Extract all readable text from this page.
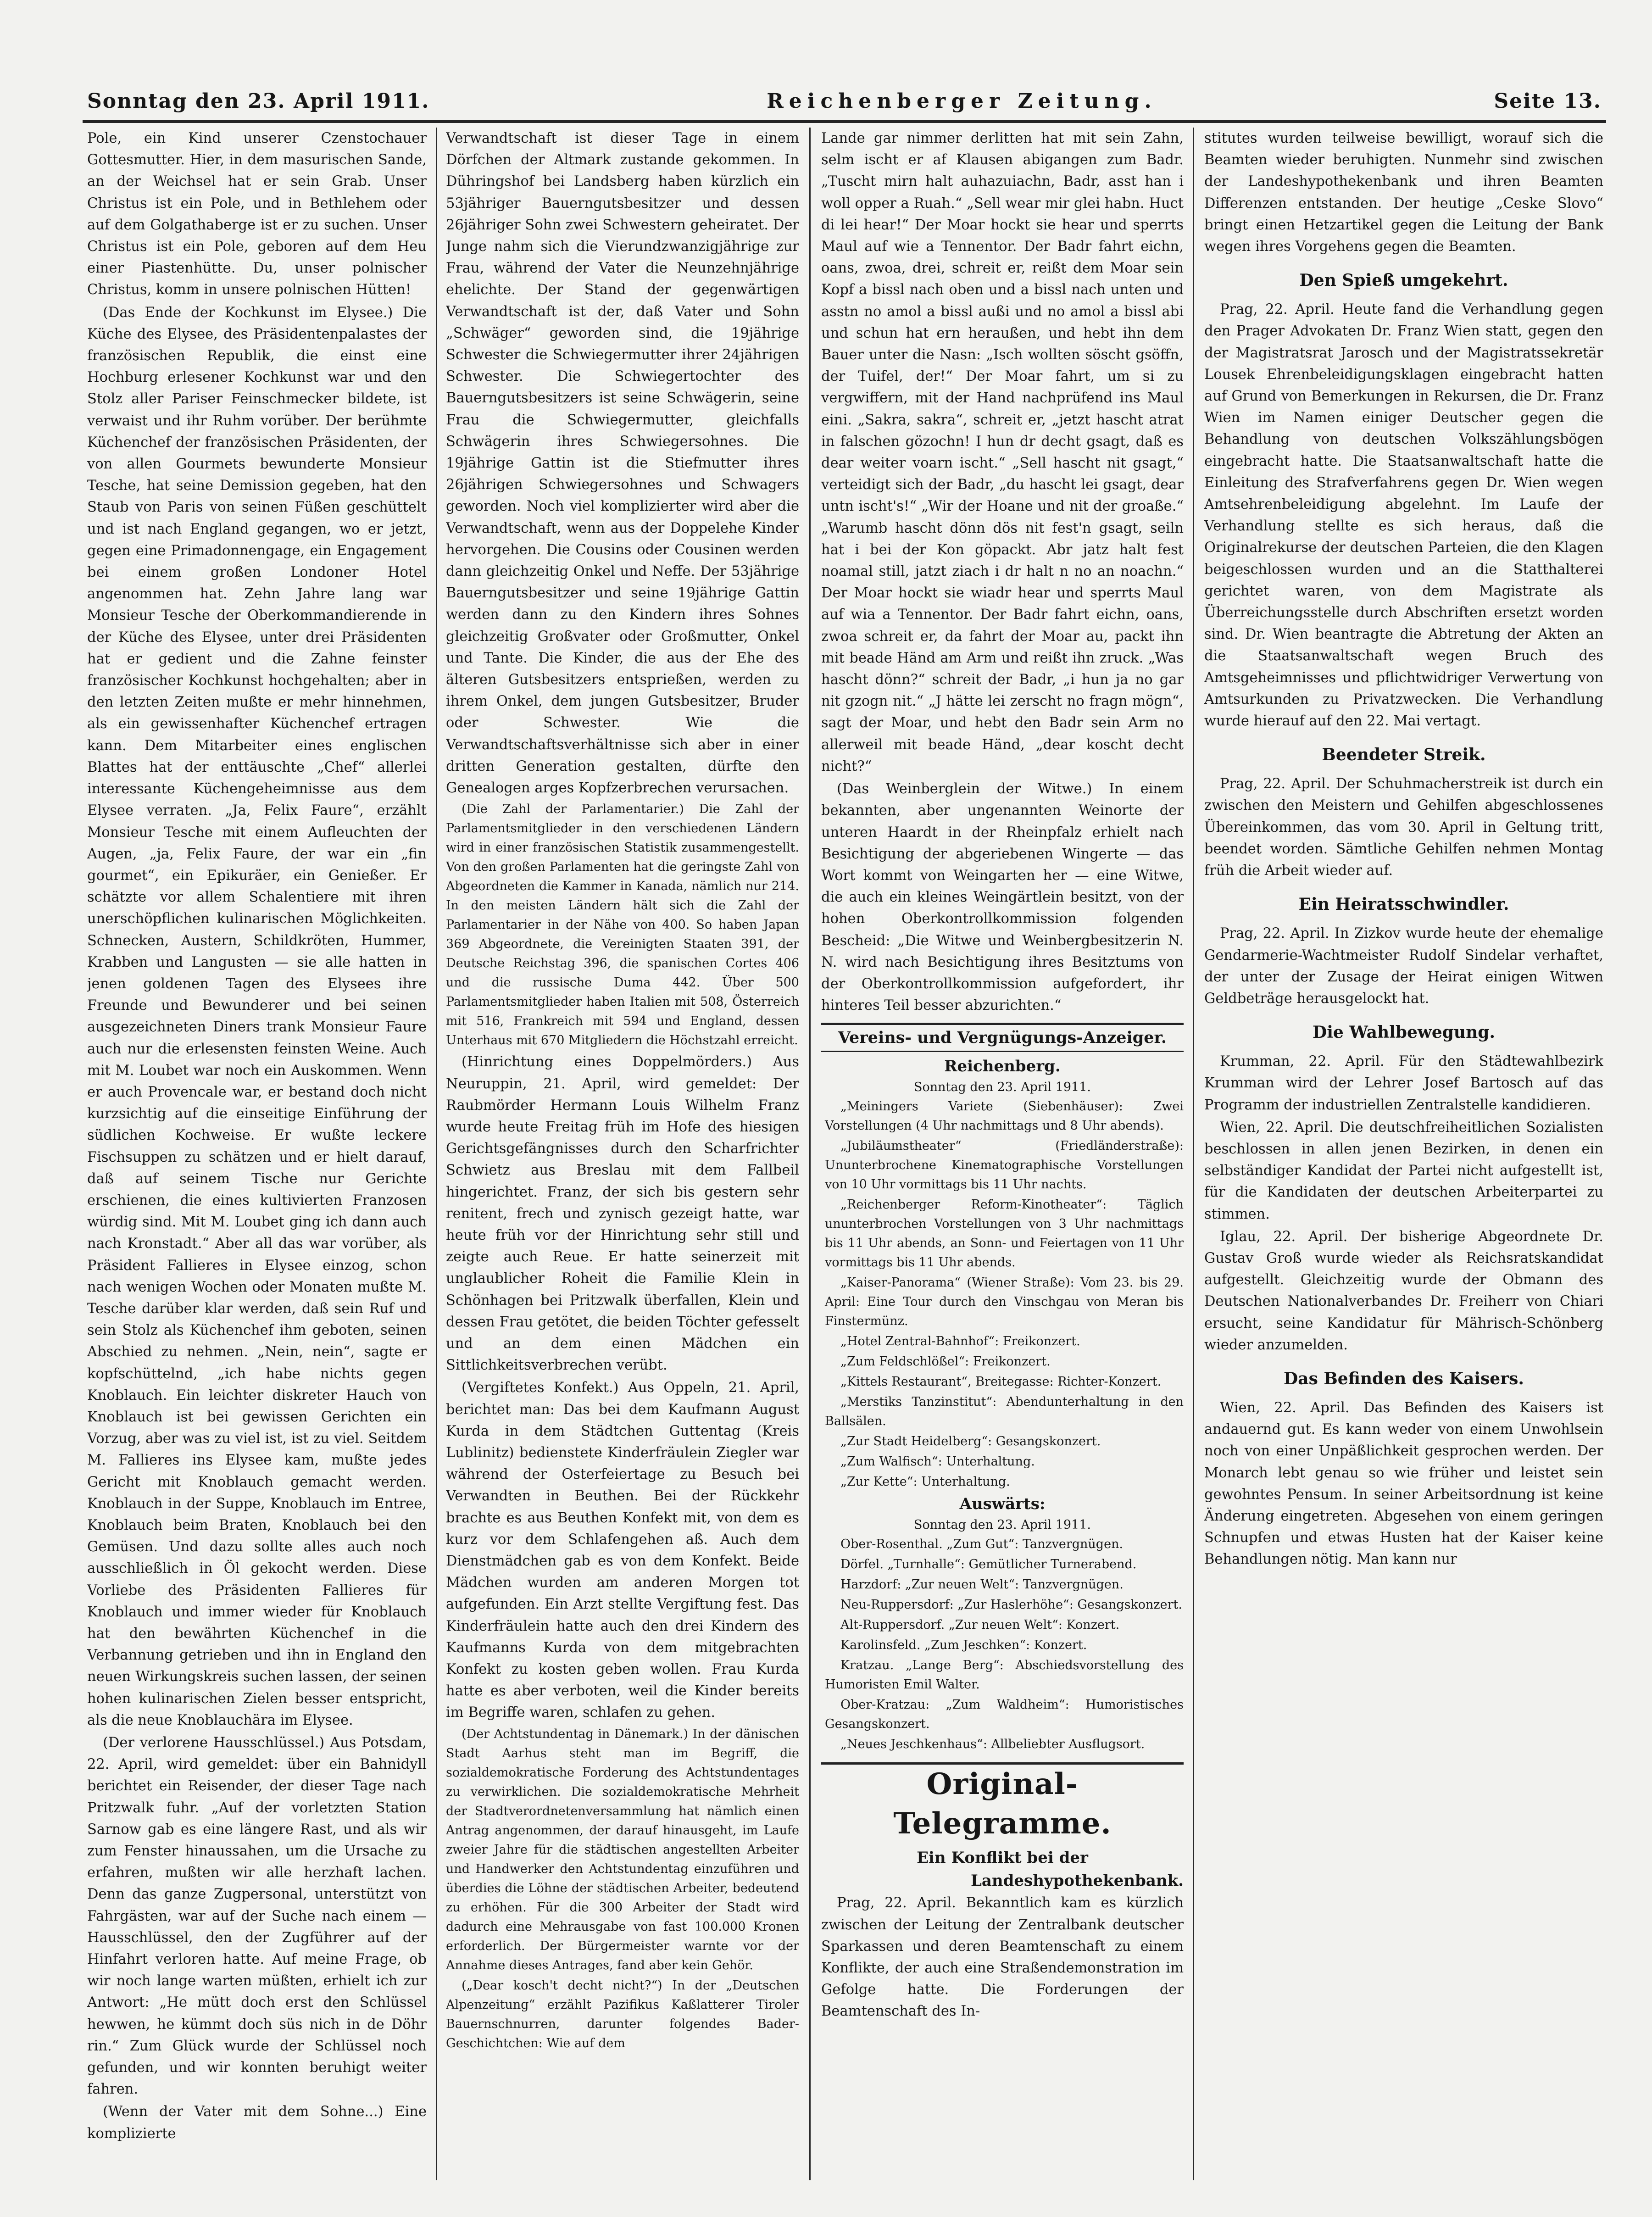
Sonntag den 23. April 1911.	Reichenberger Zeitung.	Seite 13.

Pole, ein Kind unserer Czenstochauer Gottesmutter. Hier, in dem masurischen Sande, an der Weichsel hat er sein Grab. Unser Christus ist ein Pole, und in Bethlehem oder auf dem Golgathaberge ist er zu suchen. Unser Christus ist ein Pole, geboren auf dem Heu einer Piastenhütte. Du, unser polnischer Christus, komm in unsere polnischen Hütten!

(Das Ende der Kochkunst im Elysee.) Die Küche des Elysee, des Präsidentenpalastes der französischen Republik, die einst eine Hochburg erlesener Kochkunst war und den Stolz aller Pariser Feinschmecker bildete, ist verwaist und ihr Ruhm vorüber. Der berühmte Küchenchef der französischen Präsidenten, der von allen Gourmets bewunderte Monsieur Tesche, hat seine Demission gegeben, hat den Staub von Paris von seinen Füßen geschüttelt und ist nach England gegangen, wo er jetzt, gegen eine Primadonnengage, ein Engagement bei einem großen Londoner Hotel angenommen hat. Zehn Jahre lang war Monsieur Tesche der Oberkommandierende in der Küche des Elysee, unter drei Präsidenten hat er gedient und die Zahne feinster französischer Kochkunst hochgehalten; aber in den letzten Zeiten mußte er mehr hinnehmen, als ein gewissenhafter Küchenchef ertragen kann. Dem Mitarbeiter eines englischen Blattes hat der enttäuschte „Chef“ allerlei interessante Küchengeheimnisse aus dem Elysee verraten. „Ja, Felix Faure“, erzählt Monsieur Tesche mit einem Aufleuchten der Augen, „ja, Felix Faure, der war ein „fin gourmet“, ein Epikuräer, ein Genießer. Er schätzte vor allem Schalentiere mit ihren unerschöpflichen kulinarischen Möglichkeiten. Schnecken, Austern, Schildkröten, Hummer, Krabben und Langusten — sie alle hatten in jenen goldenen Tagen des Elysees ihre Freunde und Bewunderer und bei seinen ausgezeichneten Diners trank Monsieur Faure auch nur die erlesensten feinsten Weine. Auch mit M. Loubet war noch ein Auskommen. Wenn er auch Provencale war, er bestand doch nicht kurzsichtig auf die einseitige Einführung der südlichen Kochweise. Er wußte leckere Fischsuppen zu schätzen und er hielt darauf, daß auf seinem Tische nur Gerichte erschienen, die eines kultivierten Franzosen würdig sind. Mit M. Loubet ging ich dann auch nach Kronstadt.“ Aber all das war vorüber, als Präsident Fallieres in Elysee einzog, schon nach wenigen Wochen oder Monaten mußte M. Tesche darüber klar werden, daß sein Ruf und sein Stolz als Küchenchef ihm geboten, seinen Abschied zu nehmen. „Nein, nein“, sagte er kopfschüttelnd, „ich habe nichts gegen Knoblauch. Ein leichter diskreter Hauch von Knoblauch ist bei gewissen Gerichten ein Vorzug, aber was zu viel ist, ist zu viel. Seitdem M. Fallieres ins Elysee kam, mußte jedes Gericht mit Knoblauch gemacht werden. Knoblauch in der Suppe, Knoblauch im Entree, Knoblauch beim Braten, Knoblauch bei den Gemüsen. Und dazu sollte alles auch noch ausschließlich in Öl gekocht werden. Diese Vorliebe des Präsidenten Fallieres für Knoblauch und immer wieder für Knoblauch hat den bewährten Küchenchef in die Verbannung getrieben und ihn in England den neuen Wirkungskreis suchen lassen, der seinen hohen kulinarischen Zielen besser entspricht, als die neue Knoblauchära im Elysee.

(Der verlorene Hausschlüssel.) Aus Potsdam, 22. April, wird gemeldet: über ein Bahnidyll berichtet ein Reisender, der dieser Tage nach Pritzwalk fuhr. „Auf der vorletzten Station Sarnow gab es eine längere Rast, und als wir zum Fenster hinaussahen, um die Ursache zu erfahren, mußten wir alle herzhaft lachen. Denn das ganze Zugpersonal, unterstützt von Fahrgästen, war auf der Suche nach einem — Hausschlüssel, den der Zugführer auf der Hinfahrt verloren hatte. Auf meine Frage, ob wir noch lange warten müßten, erhielt ich zur Antwort: „He mütt doch erst den Schlüssel hewwen, he kümmt doch süs nich in de Döhr rin.“ Zum Glück wurde der Schlüssel noch gefunden, und wir konnten beruhigt weiter fahren.

(Wenn der Vater mit dem Sohne...) Eine komplizierte

Verwandtschaft ist dieser Tage in einem Dörfchen der Altmark zustande gekommen. In Dühringshof bei Landsberg haben kürzlich ein 53jähriger Bauerngutsbesitzer und dessen 26jähriger Sohn zwei Schwestern geheiratet. Der Junge nahm sich die Vierundzwanzigjährige zur Frau, während der Vater die Neunzehnjährige ehelichte. Der Stand der gegenwärtigen Verwandtschaft ist der, daß Vater und Sohn „Schwäger“ geworden sind, die 19jährige Schwester die Schwiegermutter ihrer 24jährigen Schwester. Die Schwiegertochter des Bauerngutsbesitzers ist seine Schwägerin, seine Frau die Schwiegermutter, gleichfalls Schwägerin ihres Schwiegersohnes. Die 19jährige Gattin ist die Stiefmutter ihres 26jährigen Schwiegersohnes und Schwagers geworden. Noch viel komplizierter wird aber die Verwandtschaft, wenn aus der Doppelehe Kinder hervorgehen. Die Cousins oder Cousinen werden dann gleichzeitig Onkel und Neffe. Der 53jährige Bauerngutsbesitzer und seine 19jährige Gattin werden dann zu den Kindern ihres Sohnes gleichzeitig Großvater oder Großmutter, Onkel und Tante. Die Kinder, die aus der Ehe des älteren Gutsbesitzers entsprießen, werden zu ihrem Onkel, dem jungen Gutsbesitzer, Bruder oder Schwester. Wie die Verwandtschaftsverhältnisse sich aber in einer dritten Generation gestalten, dürfte den Genealogen arges Kopfzerbrechen verursachen.

(Die Zahl der Parlamentarier.) Die Zahl der Parlamentsmitglieder in den verschiedenen Ländern wird in einer französischen Statistik zusammengestellt. Von den großen Parlamenten hat die geringste Zahl von Abgeordneten die Kammer in Kanada, nämlich nur 214. In den meisten Ländern hält sich die Zahl der Parlamentarier in der Nähe von 400. So haben Japan 369 Abgeordnete, die Vereinigten Staaten 391, der Deutsche Reichstag 396, die spanischen Cortes 406 und die russische Duma 442. Über 500 Parlamentsmitglieder haben Italien mit 508, Österreich mit 516, Frankreich mit 594 und England, dessen Unterhaus mit 670 Mitgliedern die Höchstzahl erreicht.

(Hinrichtung eines Doppelmörders.) Aus Neuruppin, 21. April, wird gemeldet: Der Raubmörder Hermann Louis Wilhelm Franz wurde heute Freitag früh im Hofe des hiesigen Gerichtsgefängnisses durch den Scharfrichter Schwietz aus Breslau mit dem Fallbeil hingerichtet. Franz, der sich bis gestern sehr renitent, frech und zynisch gezeigt hatte, war heute früh vor der Hinrichtung sehr still und zeigte auch Reue. Er hatte seinerzeit mit unglaublicher Roheit die Familie Klein in Schönhagen bei Pritzwalk überfallen, Klein und dessen Frau getötet, die beiden Töchter gefesselt und an dem einen Mädchen ein Sittlichkeitsverbrechen verübt.

(Vergiftetes Konfekt.) Aus Oppeln, 21. April, berichtet man: Das bei dem Kaufmann August Kurda in dem Städtchen Guttentag (Kreis Lublinitz) bedienstete Kinderfräulein Ziegler war während der Osterfeiertage zu Besuch bei Verwandten in Beuthen. Bei der Rückkehr brachte es aus Beuthen Konfekt mit, von dem es kurz vor dem Schlafengehen aß. Auch dem Dienstmädchen gab es von dem Konfekt. Beide Mädchen wurden am anderen Morgen tot aufgefunden. Ein Arzt stellte Vergiftung fest. Das Kinderfräulein hatte auch den drei Kindern des Kaufmanns Kurda von dem mitgebrachten Konfekt zu kosten geben wollen. Frau Kurda hatte es aber verboten, weil die Kinder bereits im Begriffe waren, schlafen zu gehen.

(Der Achtstundentag in Dänemark.) In der dänischen Stadt Aarhus steht man im Begriff, die sozialdemokratische Forderung des Achtstundentages zu verwirklichen. Die sozialdemokratische Mehrheit der Stadtverordnetenversammlung hat nämlich einen Antrag angenommen, der darauf hinausgeht, im Laufe zweier Jahre für die städtischen angestellten Arbeiter und Handwerker den Achtstundentag einzuführen und überdies die Löhne der städtischen Arbeiter, bedeutend zu erhöhen. Für die 300 Arbeiter der Stadt wird dadurch eine Mehrausgabe von fast 100.000 Kronen erforderlich. Der Bürgermeister warnte vor der Annahme dieses Antrages, fand aber kein Gehör.

(„Dear kosch't decht nicht?“) In der „Deutschen Alpenzeitung“ erzählt Pazifikus Kaßlatterer Tiroler Bauernschnurren, darunter folgendes Bader-Geschichtchen: Wie auf dem

Lande gar nimmer derlitten hat mit sein Zahn, selm ischt er af Klausen abigangen zum Badr. „Tuscht mirn halt auhazuiachn, Badr, asst han i woll opper a Ruah.“ „Sell wear mir glei habn. Huct di lei hear!“ Der Moar hockt sie hear und sperrts Maul auf wie a Tennentor. Der Badr fahrt eichn, oans, zwoa, drei, schreit er, reißt dem Moar sein Kopf a bissl nach oben und a bissl nach unten und asstn no amol a bissl außi und no amol a bissl abi und schun hat ern heraußen, und hebt ihn dem Bauer unter die Nasn: „Isch wollten söscht gsöffn, der Tuifel, der!“ Der Moar fahrt, um si zu vergwiffern, mit der Hand nachprüfend ins Maul eini. „Sakra, sakra“, schreit er, „jetzt hascht atrat in falschen gözochn! I hun dr decht gsagt, daß es dear weiter voarn ischt.“ „Sell hascht nit gsagt,“ verteidigt sich der Badr, „du hascht lei gsagt, dear untn ischt's!“ „Wir der Hoane und nit der groaße.“ „Warumb hascht dönn dös nit fest'n gsagt, seiln hat i bei der Kon göpackt. Abr jatz halt fest noamal still, jatzt ziach i dr halt n no an noachn.“ Der Moar hockt sie wiadr hear und sperrts Maul auf wia a Tennentor. Der Badr fahrt eichn, oans, zwoa schreit er, da fahrt der Moar au, packt ihn mit beade Händ am Arm und reißt ihn zruck. „Was hascht dönn?“ schreit der Badr, „i hun ja no gar nit gzogn nit.“ „J hätte lei zerscht no fragn mögn“, sagt der Moar, und hebt den Badr sein Arm no allerweil mit beade Händ, „dear koscht decht nicht?“

(Das Weinberglein der Witwe.) In einem bekannten, aber ungenannten Weinorte der unteren Haardt in der Rheinpfalz erhielt nach Besichtigung der abgeriebenen Wingerte — das Wort kommt von Weingarten her — eine Witwe, die auch ein kleines Weingärtlein besitzt, von der hohen Oberkontrollkommission folgenden Bescheid: „Die Witwe und Weinbergbesitzerin N. N. wird nach Besichtigung ihres Besitztums von der Oberkontrollkommission aufgefordert, ihr hinteres Teil besser abzurichten.“

Vereins- und Vergnügungs-Anzeiger.
Reichenberg.
Sonntag den 23. April 1911.

„Meiningers Variete (Siebenhäuser): Zwei Vorstellungen (4 Uhr nachmittags und 8 Uhr abends).

„Jubiläumstheater“ (Friedländerstraße): Ununterbrochene Kinematographische Vorstellungen von 10 Uhr vormittags bis 11 Uhr nachts.

„Reichenberger Reform-Kinotheater“: Täglich ununterbrochen Vorstellungen von 3 Uhr nachmittags bis 11 Uhr abends, an Sonn- und Feiertagen von 11 Uhr vormittags bis 11 Uhr abends.

„Kaiser-Panorama“ (Wiener Straße): Vom 23. bis 29. April: Eine Tour durch den Vinschgau von Meran bis Finstermünz.

„Hotel Zentral-Bahnhof“: Freikonzert.

„Zum Feldschlößel“: Freikonzert.

„Kittels Restaurant“, Breitegasse: Richter-Konzert.

„Merstiks Tanzinstitut“: Abendunterhaltung in den Ballsälen.

„Zur Stadt Heidelberg“: Gesangskonzert.

„Zum Walfisch“: Unterhaltung.

„Zur Kette“: Unterhaltung.

Auswärts:
Sonntag den 23. April 1911.

Ober-Rosenthal. „Zum Gut“: Tanzvergnügen.

Dörfel. „Turnhalle“: Gemütlicher Turnerabend.

Harzdorf: „Zur neuen Welt“: Tanzvergnügen.

Neu-Ruppersdorf: „Zur Haslerhöhe“: Gesangskonzert.

Alt-Ruppersdorf. „Zur neuen Welt“: Konzert.

Karolinsfeld. „Zum Jeschken“: Konzert.

Kratzau. „Lange Berg“: Abschiedsvorstellung des Humoristen Emil Walter.

Ober-Kratzau: „Zum Waldheim“: Humoristisches Gesangskonzert.

„Neues Jeschkenhaus“: Allbeliebter Ausflugsort.

Original-Telegramme.
Ein Konflikt bei der
Landeshypothekenbank.

Prag, 22. April. Bekanntlich kam es kürzlich zwischen der Leitung der Zentralbank deutscher Sparkassen und deren Beamtenschaft zu einem Konflikte, der auch eine Straßendemonstration im Gefolge hatte. Die Forderungen der Beamtenschaft des In-

stitutes wurden teilweise bewilligt, worauf sich die Beamten wieder beruhigten. Nunmehr sind zwischen der Landeshypothekenbank und ihren Beamten Differenzen entstanden. Der heutige „Ceske Slovo“ bringt einen Hetzartikel gegen die Leitung der Bank wegen ihres Vorgehens gegen die Beamten.

Den Spieß umgekehrt.

Prag, 22. April. Heute fand die Verhandlung gegen den Prager Advokaten Dr. Franz Wien statt, gegen den der Magistratsrat Jarosch und der Magistratssekretär Lousek Ehrenbeleidigungsklagen eingebracht hatten auf Grund von Bemerkungen in Rekursen, die Dr. Franz Wien im Namen einiger Deutscher gegen die Behandlung von deutschen Volkszählungsbögen eingebracht hatte. Die Staatsanwaltschaft hatte die Einleitung des Strafverfahrens gegen Dr. Wien wegen Amtsehrenbeleidigung abgelehnt. Im Laufe der Verhandlung stellte es sich heraus, daß die Originalrekurse der deutschen Parteien, die den Klagen beigeschlossen wurden und an die Statthalterei gerichtet waren, von dem Magistrate als Überreichungsstelle durch Abschriften ersetzt worden sind. Dr. Wien beantragte die Abtretung der Akten an die Staatsanwaltschaft wegen Bruch des Amtsgeheimnisses und pflichtwidriger Verwertung von Amtsurkunden zu Privatzwecken. Die Verhandlung wurde hierauf auf den 22. Mai vertagt.

Beendeter Streik.

Prag, 22. April. Der Schuhmacherstreik ist durch ein zwischen den Meistern und Gehilfen abgeschlossenes Übereinkommen, das vom 30. April in Geltung tritt, beendet worden. Sämtliche Gehilfen nehmen Montag früh die Arbeit wieder auf.

Ein Heiratsschwindler.

Prag, 22. April. In Zizkov wurde heute der ehemalige Gendarmerie-Wachtmeister Rudolf Sindelar verhaftet, der unter der Zusage der Heirat einigen Witwen Geldbeträge herausgelockt hat.

Die Wahlbewegung.

Krumman, 22. April. Für den Städtewahlbezirk Krumman wird der Lehrer Josef Bartosch auf das Programm der industriellen Zentralstelle kandidieren.

Wien, 22. April. Die deutschfreiheitlichen Sozialisten beschlossen in allen jenen Bezirken, in denen ein selbständiger Kandidat der Partei nicht aufgestellt ist, für die Kandidaten der deutschen Arbeiterpartei zu stimmen.

Iglau, 22. April. Der bisherige Abgeordnete Dr. Gustav Groß wurde wieder als Reichsratskandidat aufgestellt. Gleichzeitig wurde der Obmann des Deutschen Nationalverbandes Dr. Freiherr von Chiari ersucht, seine Kandidatur für Mährisch-Schönberg wieder anzumelden.

Das Befinden des Kaisers.

Wien, 22. April. Das Befinden des Kaisers ist andauernd gut. Es kann weder von einem Unwohlsein noch von einer Unpäßlichkeit gesprochen werden. Der Monarch lebt genau so wie früher und leistet sein gewohntes Pensum. In seiner Arbeitsordnung ist keine Änderung eingetreten. Abgesehen von einem geringen Schnupfen und etwas Husten hat der Kaiser keine Behandlungen nötig. Man kann nur
